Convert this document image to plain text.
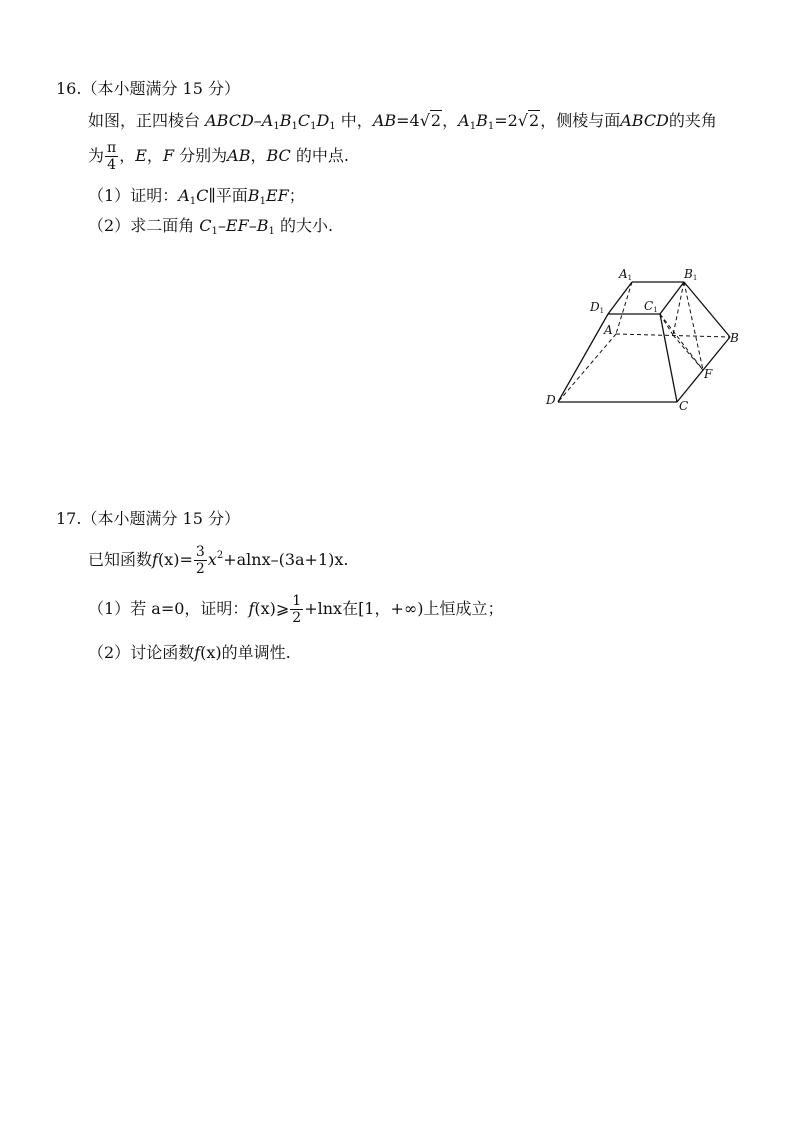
16.（本小题满分 15 分）
如图，正四棱台 ABCD–$A_1B_1C_1D_1$ 中，AB=4√2，$A_1B_1=2√2$，侧棱与面ABCD的夹角
为 $\frac{\pi}{4}$ ，E，F 分别为AB，BC 的中点.
（1）证明：$A_1C\parallel$平面$B_1EF$；
（2）求二面角 $C_1-EF-B_1$ 的大小.
A1	B1
C1
D1
A
B
C
D
F
17.（本小题满分 15 分）
已知函数$f(x)= \frac{3}{2} x^2+alnx-(3a+1)x$.
（1）若 a=0，证明：f(x)⩾ $\frac{1}{2} +\ln x$在[1，+∞)上恒成立；
（2）讨论函数f(x)的单调性.
